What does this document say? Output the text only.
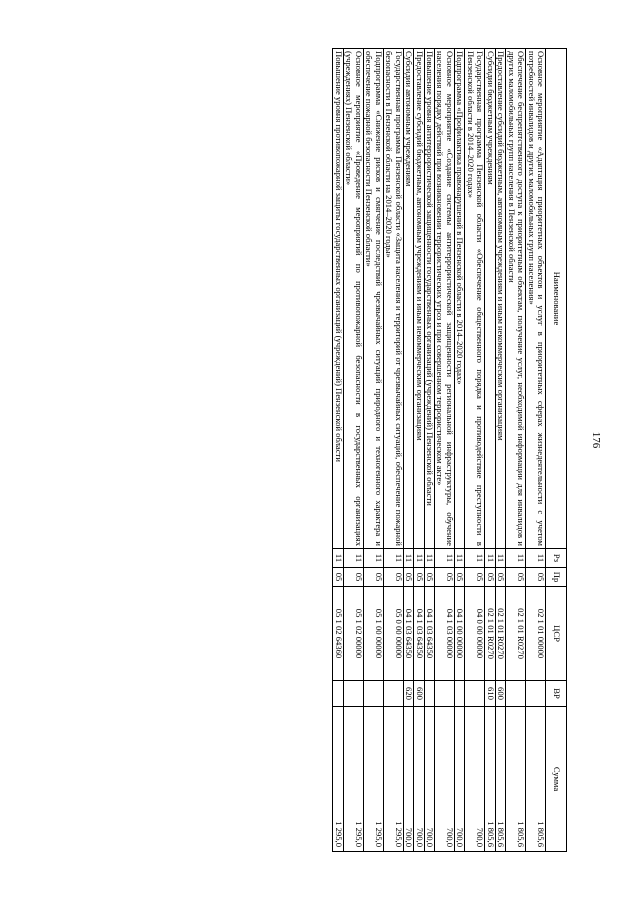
176
Наименование	Рз	Пр	ЦСР	ВР	Сумма
Основное мероприятие «Адаптация приоритетных объектов и услуг в приоритетных сферах жизнедеятельности с учетом потребностей инвалидов и других маломобильных групп населения»	11	05	02 1 01 00000		1 805,6
Обеспечение беспрепятственного доступа к приоритетным объектам, получение услуг, необходимой информации для инвалидов и других маломобильных групп населения в Пензенской области	11	05	02 1 01 R0270		1 805,6
Предоставление субсидий бюджетным, автономным учреждениям и иным некоммерческим организациям	11	05	02 1 01 R0270	600	1 805,6
Субсидии бюджетным учреждениям	11	05	02 1 01 R0270	610	1 805,6
Государственная программа Пензенской области «Обеспечение общественного порядка и противодействие преступности в Пензенской области в 2014–2020 годах»	11	05	04 0 00 00000		700,0
Подпрограмма «Профилактика правонарушений в Пензенской области в 2014–2020 годах»	11	05	04 1 00 00000		700,0
Основное мероприятие «Создание системы антитеррористической защищенности региональной инфраструктуры, обучение населения порядку действий при возникновении террористических угроз и при совершенном террористическом акте»	11	05	04 1 03 00000		700,0
Повышение уровня антитеррористической защищенности государственных организаций (учреждений) Пензенской области	11	05	04 1 03 64350		700,0
Предоставление субсидий бюджетным, автономным учреждениям и иным некоммерческим организациям	11	05	04 1 03 64350	600	700,0
Субсидии автономным учреждениям	11	05	04 1 03 64350	620	700,0
Государственная программа Пензенской области «Защита населения и территорий от чрезвычайных ситуаций, обеспечение пожарной безопасности в Пензенской области на 2014–2020 годы»	11	05	05 0 00 00000		1 295,0
Подпрограмма «Снижение рисков и смягчение последствий чрезвычайных ситуаций природного и техногенного характера и обеспечение пожарной безопасности Пензенской области»	11	05	05 1 00 00000		1 295,0
Основное мероприятие «Проведение мероприятий по противопожарной безопасности в государственных организациях (учреждениях) Пензенской области»	11	05	05 1 02 00000		1 295,0
Повышение уровня противопожарной защиты государственных организаций (учреждений) Пензенской области	11	05	05 1 02 64360		1 295,0
